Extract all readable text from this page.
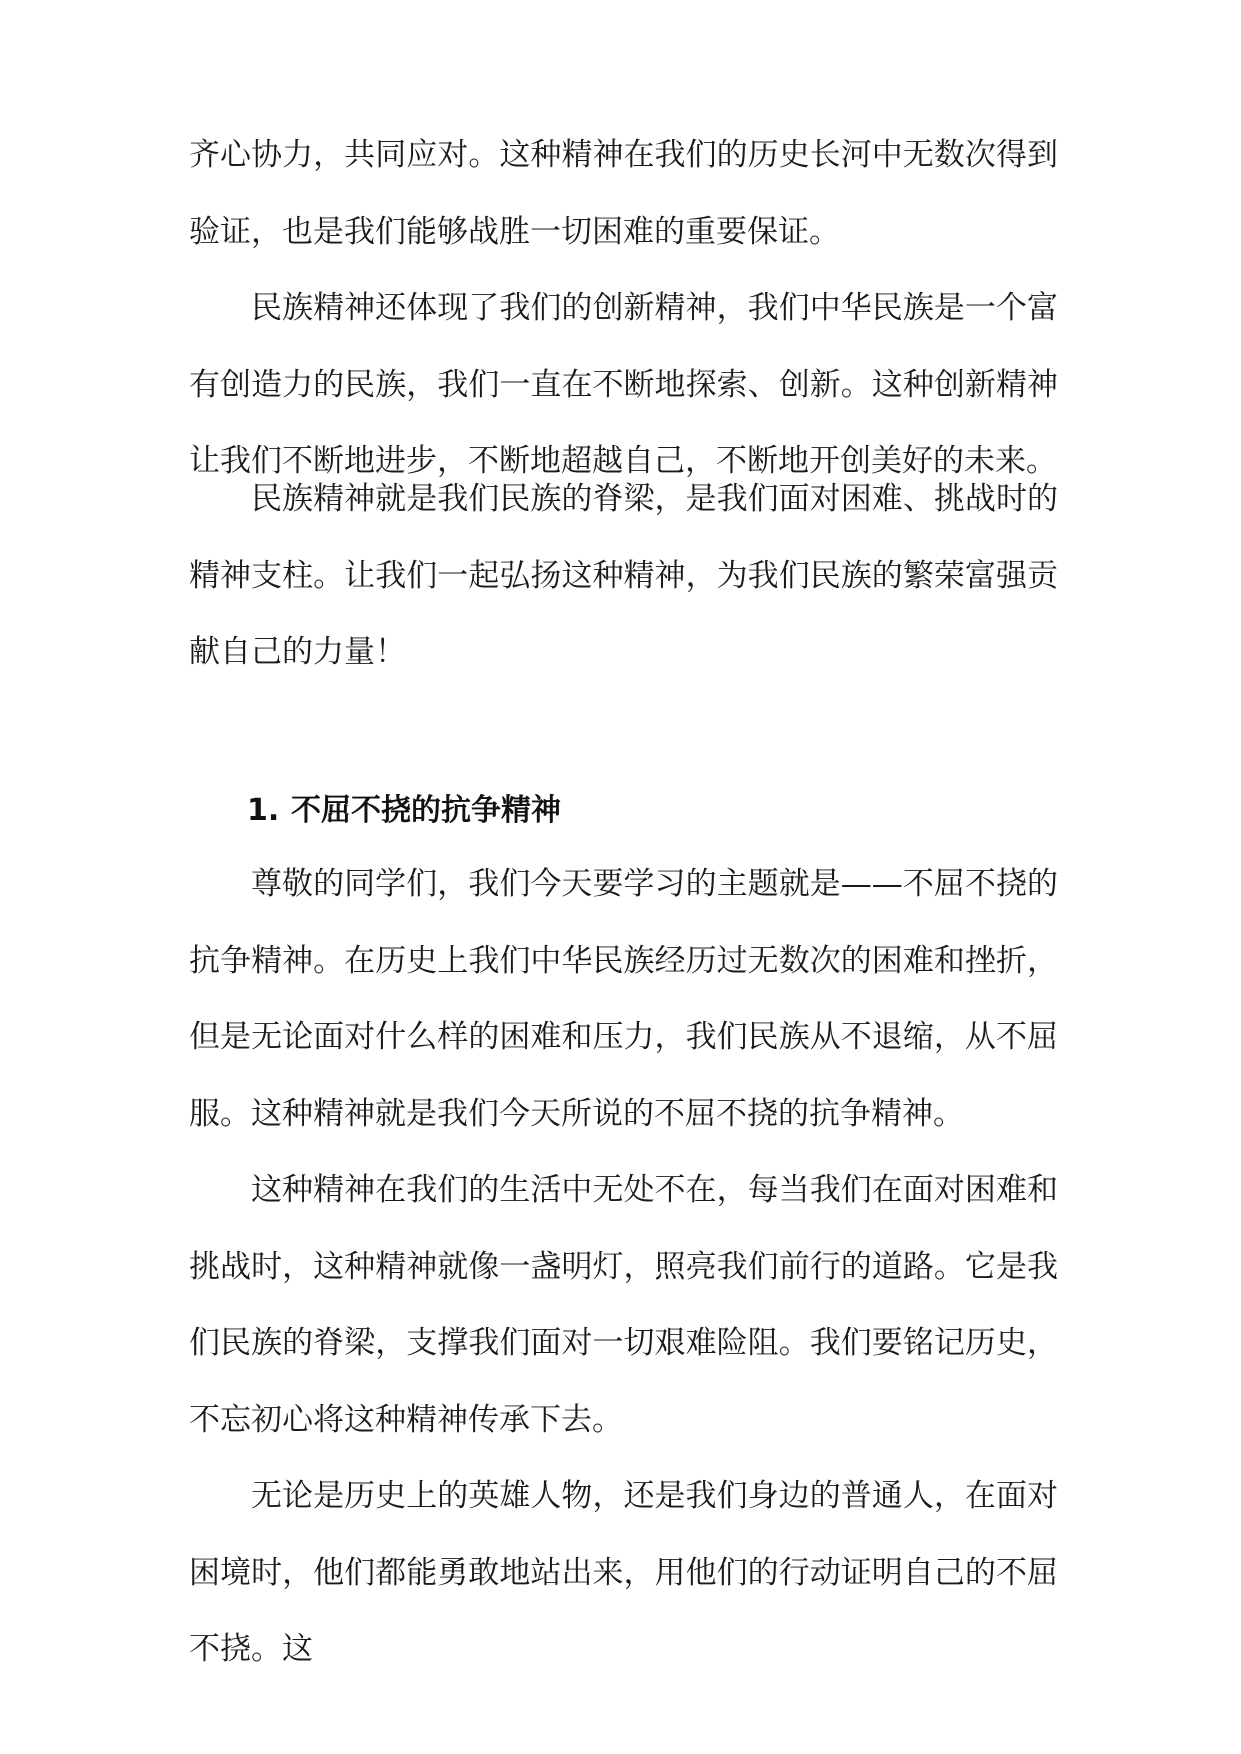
齐心协力，共同应对。这种精神在我们的历史长河中无数次得到验证，也是我们能够战胜一切困难的重要保证。
民族精神还体现了我们的创新精神，我们中华民族是一个富有创造力的民族，我们一直在不断地探索、创新。这种创新精神让我们不断地进步，不断地超越自己，不断地开创美好的未来。
民族精神就是我们民族的脊梁，是我们面对困难、挑战时的精神支柱。让我们一起弘扬这种精神，为我们民族的繁荣富强贡献自己的力量！
1. 不屈不挠的抗争精神
尊敬的同学们，我们今天要学习的主题就是——不屈不挠的抗争精神。在历史上我们中华民族经历过无数次的困难和挫折，但是无论面对什么样的困难和压力，我们民族从不退缩，从不屈服。这种精神就是我们今天所说的不屈不挠的抗争精神。
这种精神在我们的生活中无处不在，每当我们在面对困难和挑战时，这种精神就像一盏明灯，照亮我们前行的道路。它是我们民族的脊梁，支撑我们面对一切艰难险阻。我们要铭记历史，不忘初心将这种精神传承下去。
无论是历史上的英雄人物，还是我们身边的普通人，在面对困境时，他们都能勇敢地站出来，用他们的行动证明自己的不屈不挠。这
